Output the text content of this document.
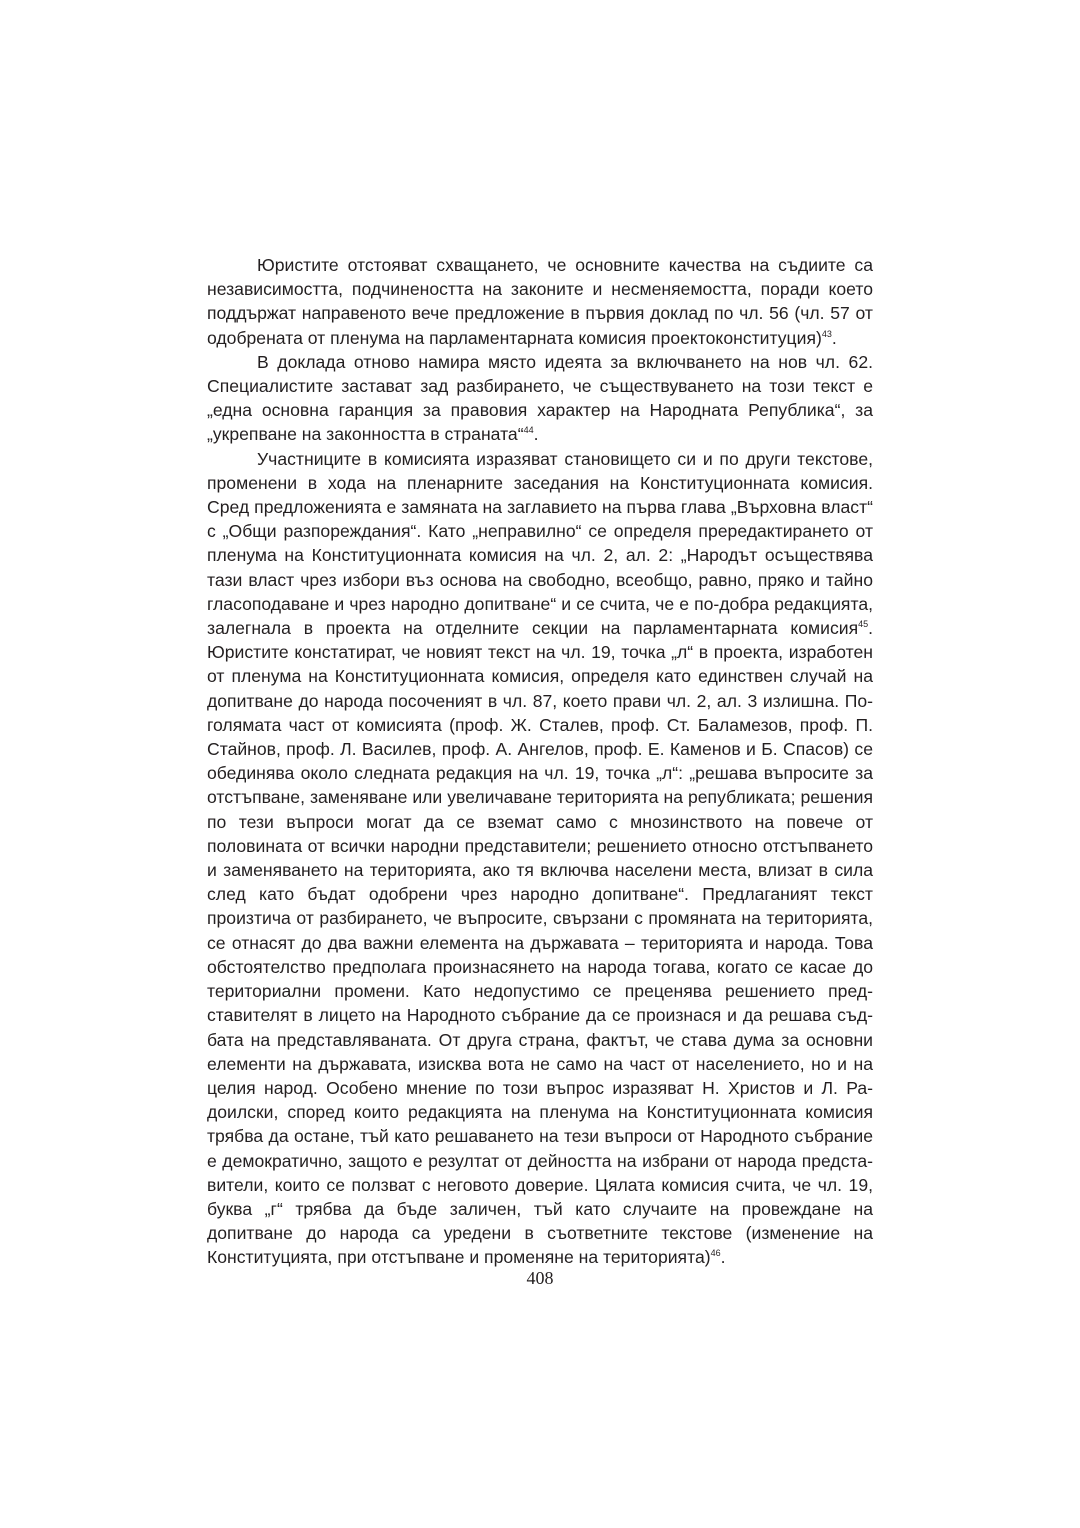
Юристите отстояват схващането, че основните качества на съдиите са независимостта, подчинеността на законите и несменяемостта, поради което поддържат направеното вече предложение в първия доклад по чл. 56 (чл. 57 от одобрената от пленума на парламентарната комисия проектоконституция)$^{43}$.

В доклада отново намира място идеята за включването на нов чл. 62. Специалистите застават зад разбирането, че съществуването на този текст е „една основна гаранция за правовия характер на Народната Република“, за „укрепване на законността в страната“$^{44}$.

Участниците в комисията изразяват становището си и по други текстове, променени в хода на пленарните заседания на Конституционната комисия. Сред предложенията е замяната на заглавието на първа глава „Върховна власт“ с „Общи разпореждания“. Като „неправилно“ се определя прередактирането от пленума на Конституционната комисия на чл. 2, ал. 2: „Народът осъществява тази власт чрез избори въз основа на свободно, всеобщо, равно, пряко и тайно гласоподаване и чрез народно допитване“ и се счита, че е по-добра редакцията, залегнала в проекта на отделните секции на парламентарната комисия$^{45}$. Юристите констатират, че новият текст на чл. 19, точка „л“ в проекта, изработен от пленума на Конституционната комисия, определя като единствен случай на допитване до народа посоченият в чл. 87, което прави чл. 2, ал. 3 излишна. По-голямата част от комисията (проф. Ж. Сталев, проф. Ст. Баламезов, проф. П. Стайнов, проф. Л. Василев, проф. А. Ангелов, проф. Е. Каменов и Б. Спасов) се обединява около следната редакция на чл. 19, точка „л“: „решава въпросите за отстъпване, заменяване или увеличаване територията на републиката; решения по тези въпроси могат да се вземат само с мнозинството на повече от половината от всички народни представители; решението относно отстъпването и заменяването на територията, ако тя включва населени места, влизат в сила след като бъдат одобрени чрез народно допитване“. Предлаганият текст произтича от разбирането, че въпросите, свързани с промяната на територията, се отнасят до два важни елемента на държавата – територията и народа. Това обстоятелство предполага произнасянето на народа тогава, когато се касае до териториални промени. Като недопустимо се преценява решението представителят в лицето на Народното събрание да се произнася и да решава съдбата на представляваната. От друга страна, фактът, че става дума за основни елементи на държавата, изисква вота не само на част от населението, но и на целия народ. Особено мнение по този въпрос изразяват Н. Христов и Л. Радоилски, според които редакцията на пленума на Конституционната комисия трябва да остане, тъй като решаването на тези въпроси от Народното събрание е демократично, защото е резултат от дейността на избрани от народа представители, които се ползват с неговото доверие. Цялата комисия счита, че чл. 19, буква „г“ трябва да бъде заличен, тъй като случаите на провеждане на допитване до народа са уредени в съответните текстове (изменение на Конституцията, при отстъпване и променяне на територията)$^{46}$.

408
